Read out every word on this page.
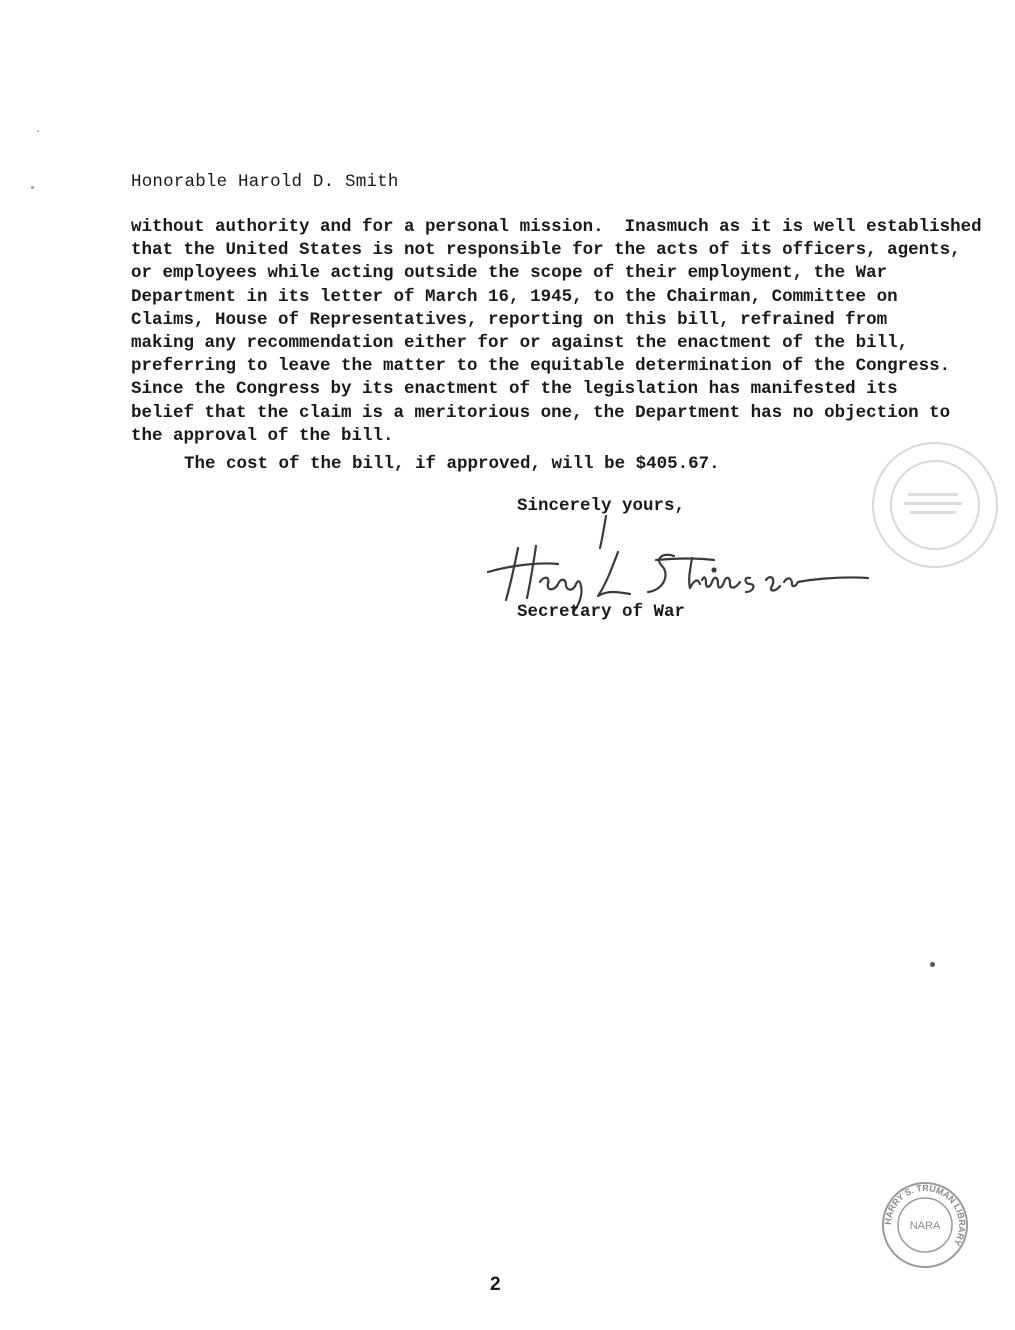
Honorable Harold D. Smith
without authority and for a personal mission.  Inasmuch as it is well established
that the United States is not responsible for the acts of its officers, agents,
or employees while acting outside the scope of their employment, the War
Department in its letter of March 16, 1945, to the Chairman, Committee on
Claims, House of Representatives, reporting on this bill, refrained from
making any recommendation either for or against the enactment of the bill,
preferring to leave the matter to the equitable determination of the Congress.
Since the Congress by its enactment of the legislation has manifested its
belief that the claim is a meritorious one, the Department has no objection to
the approval of the bill.
The cost of the bill, if approved, will be $405.67.
Sincerely yours,
Secretary of War
HARRY S. TRUMAN LIBRARY
NARA
2
